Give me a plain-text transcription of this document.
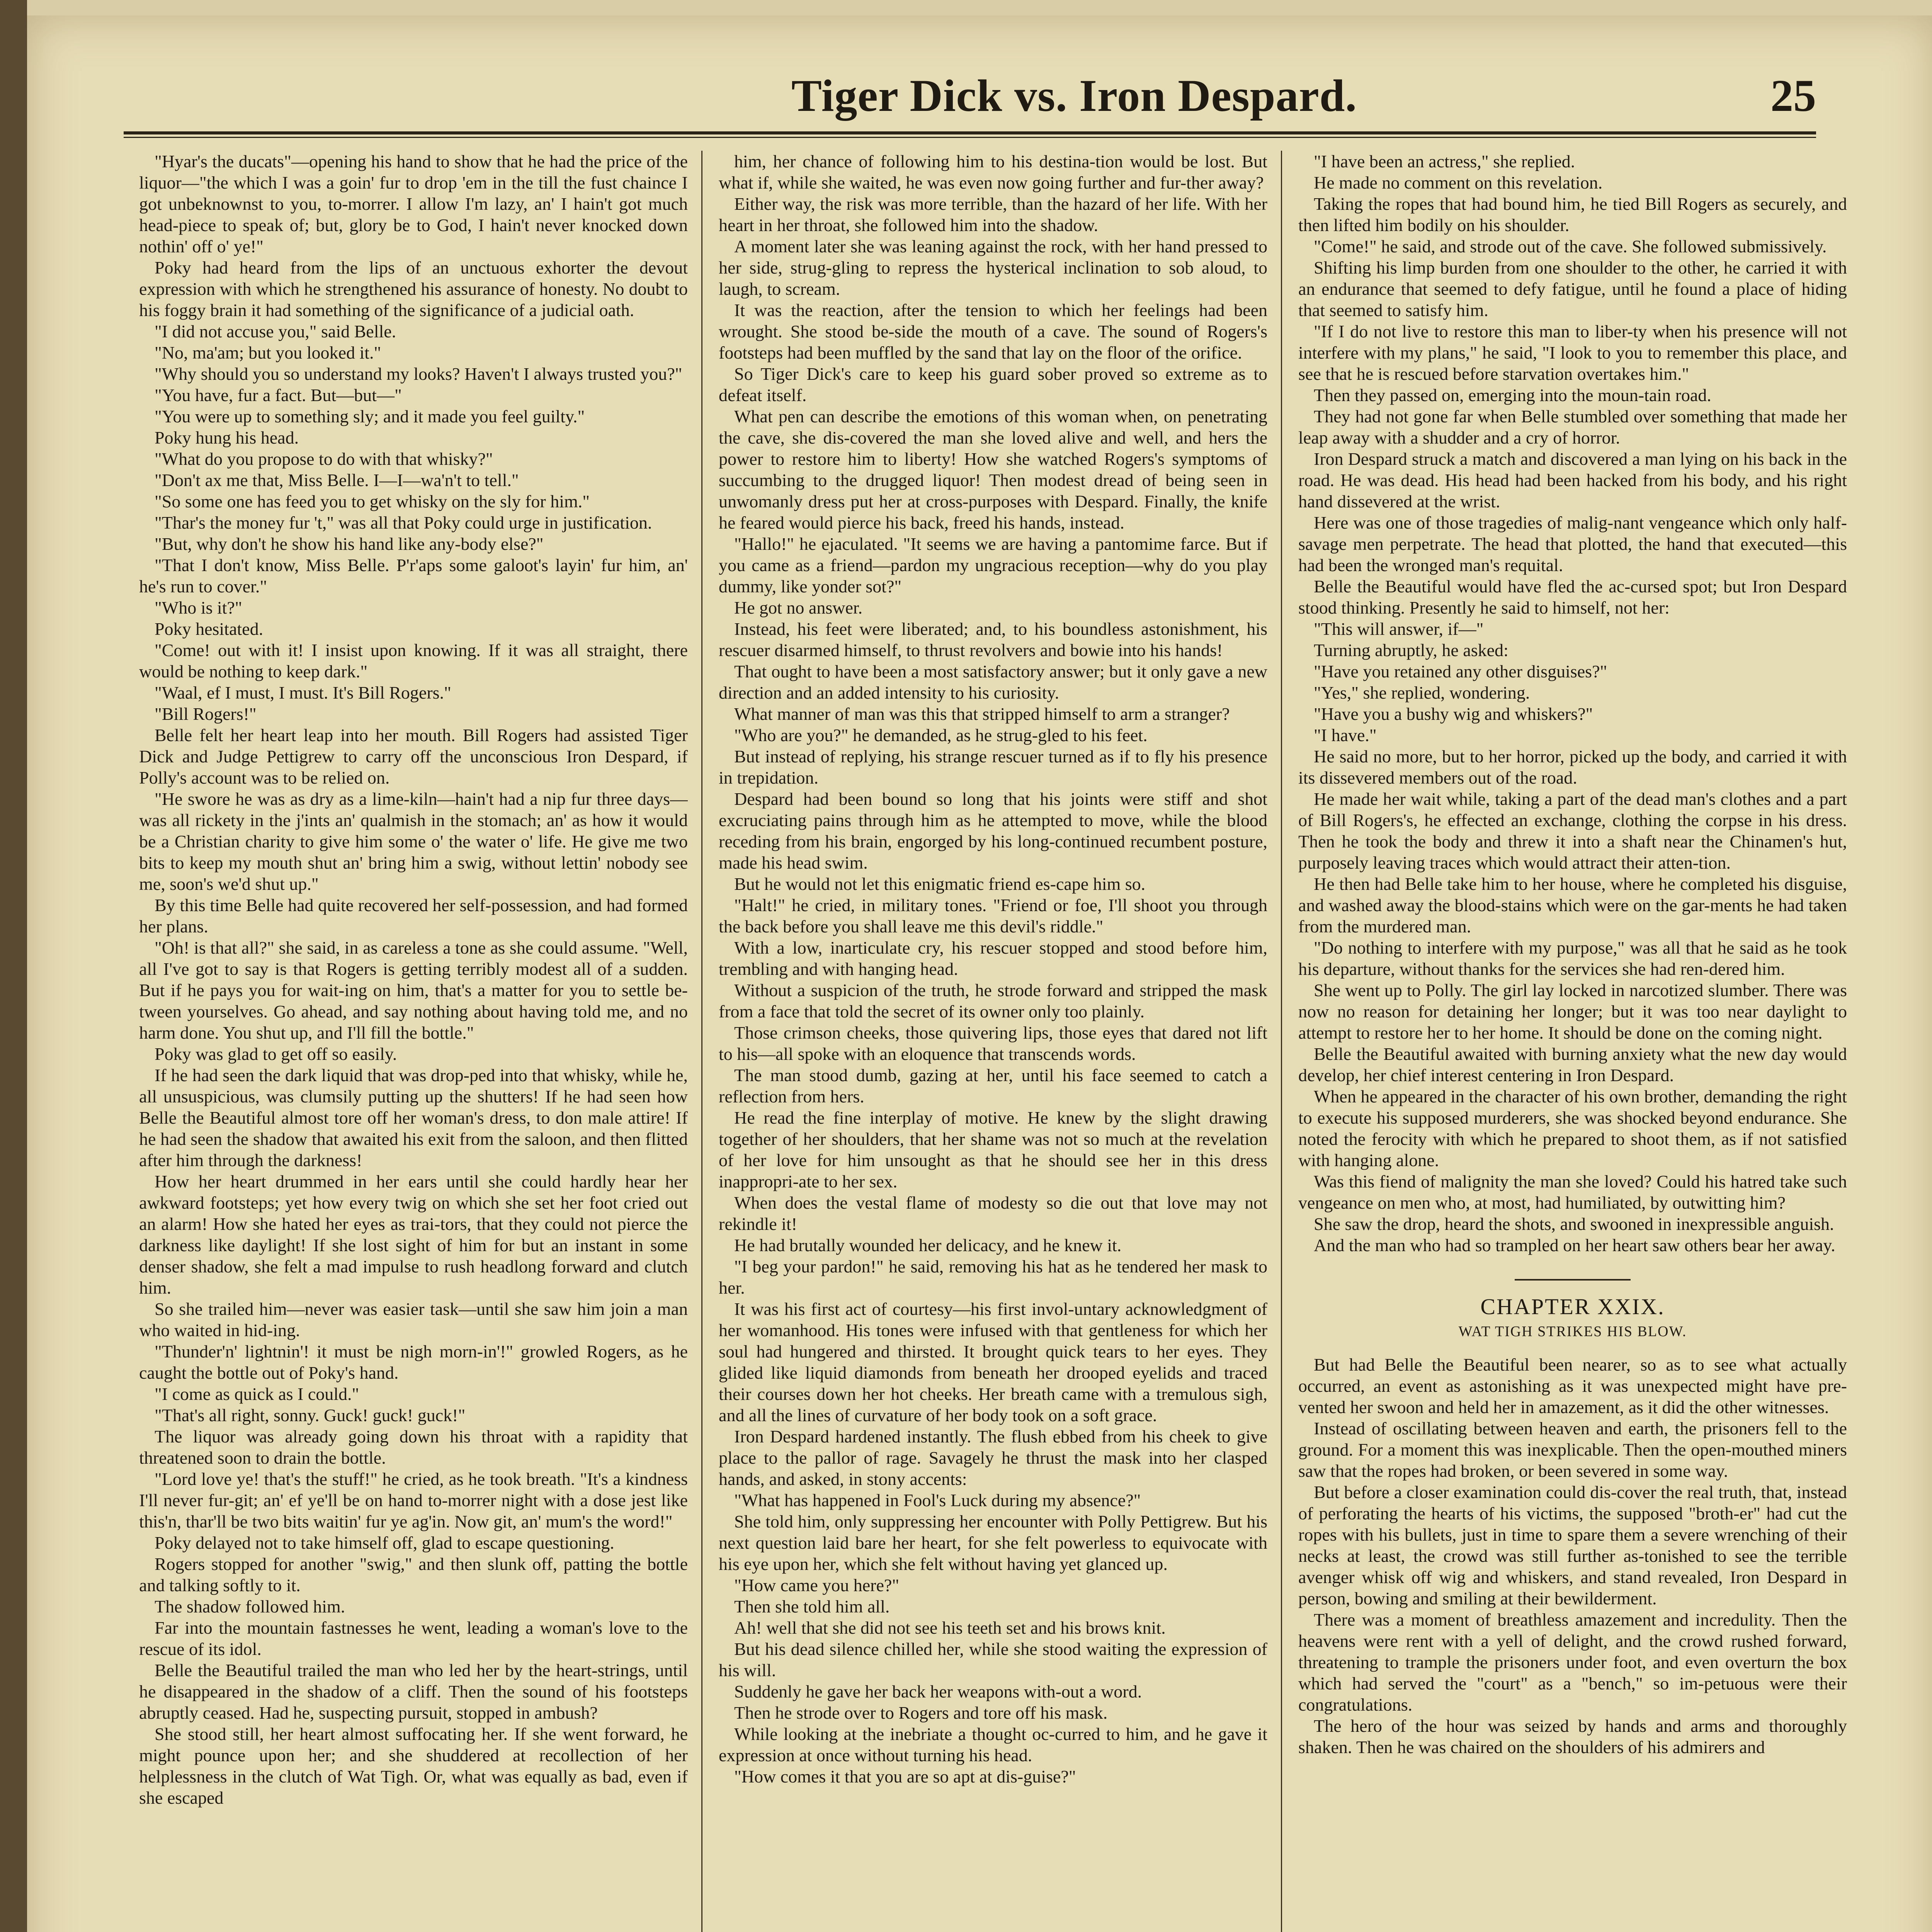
Tiger Dick vs. Iron Despard.	25

"Hyar's the ducats"—opening his hand to show that he had the price of the liquor—"the which I was a goin' fur to drop 'em in the till the fust chaince I got unbeknownst to you, to-morrer. I allow I'm lazy, an' I hain't got much head-piece to speak of; but, glory be to God, I hain't never knocked down nothin' off o' ye!"

Poky had heard from the lips of an unctuous exhorter the devout expression with which he strengthened his assurance of honesty. No doubt to his foggy brain it had something of the significance of a judicial oath.

"I did not accuse you," said Belle.

"No, ma'am; but you looked it."

"Why should you so understand my looks? Haven't I always trusted you?"

"You have, fur a fact. But—but—"

"You were up to something sly; and it made you feel guilty."

Poky hung his head.

"What do you propose to do with that whisky?"

"Don't ax me that, Miss Belle. I—I—wa'n't to tell."

"So some one has feed you to get whisky on the sly for him."

"Thar's the money fur 't," was all that Poky could urge in justification.

"But, why don't he show his hand like any-body else?"

"That I don't know, Miss Belle. P'r'aps some galoot's layin' fur him, an' he's run to cover."

"Who is it?"

Poky hesitated.

"Come! out with it! I insist upon knowing. If it was all straight, there would be nothing to keep dark."

"Waal, ef I must, I must. It's Bill Rogers."

"Bill Rogers!"

Belle felt her heart leap into her mouth. Bill Rogers had assisted Tiger Dick and Judge Pettigrew to carry off the unconscious Iron Despard, if Polly's account was to be relied on.

"He swore he was as dry as a lime-kiln—hain't had a nip fur three days—was all rickety in the j'ints an' qualmish in the stomach; an' as how it would be a Christian charity to give him some o' the water o' life. He give me two bits to keep my mouth shut an' bring him a swig, without lettin' nobody see me, soon's we'd shut up."

By this time Belle had quite recovered her self-possession, and had formed her plans.

"Oh! is that all?" she said, in as careless a tone as she could assume. "Well, all I've got to say is that Rogers is getting terribly modest all of a sudden. But if he pays you for wait-ing on him, that's a matter for you to settle be-tween yourselves. Go ahead, and say nothing about having told me, and no harm done. You shut up, and I'll fill the bottle."

Poky was glad to get off so easily.

If he had seen the dark liquid that was drop-ped into that whisky, while he, all unsuspicious, was clumsily putting up the shutters! If he had seen how Belle the Beautiful almost tore off her woman's dress, to don male attire! If he had seen the shadow that awaited his exit from the saloon, and then flitted after him through the darkness!

How her heart drummed in her ears until she could hardly hear her awkward footsteps; yet how every twig on which she set her foot cried out an alarm! How she hated her eyes as trai-tors, that they could not pierce the darkness like daylight! If she lost sight of him for but an instant in some denser shadow, she felt a mad impulse to rush headlong forward and clutch him.

So she trailed him—never was easier task—until she saw him join a man who waited in hid-ing.

"Thunder'n' lightnin'! it must be nigh morn-in'!" growled Rogers, as he caught the bottle out of Poky's hand.

"I come as quick as I could."

"That's all right, sonny. Guck! guck! guck!"

The liquor was already going down his throat with a rapidity that threatened soon to drain the bottle.

"Lord love ye! that's the stuff!" he cried, as he took breath. "It's a kindness I'll never fur-git; an' ef ye'll be on hand to-morrer night with a dose jest like this'n, thar'll be two bits waitin' fur ye ag'in. Now git, an' mum's the word!"

Poky delayed not to take himself off, glad to escape questioning.

Rogers stopped for another "swig," and then slunk off, patting the bottle and talking softly to it.

The shadow followed him.

Far into the mountain fastnesses he went, leading a woman's love to the rescue of its idol.

Belle the Beautiful trailed the man who led her by the heart-strings, until he disappeared in the shadow of a cliff. Then the sound of his footsteps abruptly ceased. Had he, suspecting pursuit, stopped in ambush?

She stood still, her heart almost suffocating her. If she went forward, he might pounce upon her; and she shuddered at recollection of her helplessness in the clutch of Wat Tigh. Or, what was equally as bad, even if she escaped

him, her chance of following him to his destina-tion would be lost. But what if, while she waited, he was even now going further and fur-ther away?

Either way, the risk was more terrible, than the hazard of her life. With her heart in her throat, she followed him into the shadow.

A moment later she was leaning against the rock, with her hand pressed to her side, strug-gling to repress the hysterical inclination to sob aloud, to laugh, to scream.

It was the reaction, after the tension to which her feelings had been wrought. She stood be-side the mouth of a cave. The sound of Rogers's footsteps had been muffled by the sand that lay on the floor of the orifice.

So Tiger Dick's care to keep his guard sober proved so extreme as to defeat itself.

What pen can describe the emotions of this woman when, on penetrating the cave, she dis-covered the man she loved alive and well, and hers the power to restore him to liberty! How she watched Rogers's symptoms of succumbing to the drugged liquor! Then modest dread of being seen in unwomanly dress put her at cross-purposes with Despard. Finally, the knife he feared would pierce his back, freed his hands, instead.

"Hallo!" he ejaculated. "It seems we are having a pantomime farce. But if you came as a friend—pardon my ungracious reception—why do you play dummy, like yonder sot?"

He got no answer.

Instead, his feet were liberated; and, to his boundless astonishment, his rescuer disarmed himself, to thrust revolvers and bowie into his hands!

That ought to have been a most satisfactory answer; but it only gave a new direction and an added intensity to his curiosity.

What manner of man was this that stripped himself to arm a stranger?

"Who are you?" he demanded, as he strug-gled to his feet.

But instead of replying, his strange rescuer turned as if to fly his presence in trepidation.

Despard had been bound so long that his joints were stiff and shot excruciating pains through him as he attempted to move, while the blood receding from his brain, engorged by his long-continued recumbent posture, made his head swim.

But he would not let this enigmatic friend es-cape him so.

"Halt!" he cried, in military tones. "Friend or foe, I'll shoot you through the back before you shall leave me this devil's riddle."

With a low, inarticulate cry, his rescuer stopped and stood before him, trembling and with hanging head.

Without a suspicion of the truth, he strode forward and stripped the mask from a face that told the secret of its owner only too plainly.

Those crimson cheeks, those quivering lips, those eyes that dared not lift to his—all spoke with an eloquence that transcends words.

The man stood dumb, gazing at her, until his face seemed to catch a reflection from hers.

He read the fine interplay of motive. He knew by the slight drawing together of her shoulders, that her shame was not so much at the revelation of her love for him unsought as that he should see her in this dress inappropri-ate to her sex.

When does the vestal flame of modesty so die out that love may not rekindle it!

He had brutally wounded her delicacy, and he knew it.

"I beg your pardon!" he said, removing his hat as he tendered her mask to her.

It was his first act of courtesy—his first invol-untary acknowledgment of her womanhood. His tones were infused with that gentleness for which her soul had hungered and thirsted. It brought quick tears to her eyes. They glided like liquid diamonds from beneath her drooped eyelids and traced their courses down her hot cheeks. Her breath came with a tremulous sigh, and all the lines of curvature of her body took on a soft grace.

Iron Despard hardened instantly. The flush ebbed from his cheek to give place to the pallor of rage. Savagely he thrust the mask into her clasped hands, and asked, in stony accents:

"What has happened in Fool's Luck during my absence?"

She told him, only suppressing her encounter with Polly Pettigrew. But his next question laid bare her heart, for she felt powerless to equivocate with his eye upon her, which she felt without having yet glanced up.

"How came you here?"

Then she told him all.

Ah! well that she did not see his teeth set and his brows knit.

But his dead silence chilled her, while she stood waiting the expression of his will.

Suddenly he gave her back her weapons with-out a word.

Then he strode over to Rogers and tore off his mask.

While looking at the inebriate a thought oc-curred to him, and he gave it expression at once without turning his head.

"How comes it that you are so apt at dis-guise?"

"I have been an actress," she replied.

He made no comment on this revelation.

Taking the ropes that had bound him, he tied Bill Rogers as securely, and then lifted him bodily on his shoulder.

"Come!" he said, and strode out of the cave. She followed submissively.

Shifting his limp burden from one shoulder to the other, he carried it with an endurance that seemed to defy fatigue, until he found a place of hiding that seemed to satisfy him.

"If I do not live to restore this man to liber-ty when his presence will not interfere with my plans," he said, "I look to you to remember this place, and see that he is rescued before starvation overtakes him."

Then they passed on, emerging into the moun-tain road.

They had not gone far when Belle stumbled over something that made her leap away with a shudder and a cry of horror.

Iron Despard struck a match and discovered a man lying on his back in the road. He was dead. His head had been hacked from his body, and his right hand dissevered at the wrist.

Here was one of those tragedies of malig-nant vengeance which only half-savage men perpetrate. The head that plotted, the hand that executed—this had been the wronged man's requital.

Belle the Beautiful would have fled the ac-cursed spot; but Iron Despard stood thinking. Presently he said to himself, not her:

"This will answer, if—"

Turning abruptly, he asked:

"Have you retained any other disguises?"

"Yes," she replied, wondering.

"Have you a bushy wig and whiskers?"

"I have."

He said no more, but to her horror, picked up the body, and carried it with its dissevered members out of the road.

He made her wait while, taking a part of the dead man's clothes and a part of Bill Rogers's, he effected an exchange, clothing the corpse in his dress. Then he took the body and threw it into a shaft near the Chinamen's hut, purposely leaving traces which would attract their atten-tion.

He then had Belle take him to her house, where he completed his disguise, and washed away the blood-stains which were on the gar-ments he had taken from the murdered man.

"Do nothing to interfere with my purpose," was all that he said as he took his departure, without thanks for the services she had ren-dered him.

She went up to Polly. The girl lay locked in narcotized slumber. There was now no reason for detaining her longer; but it was too near daylight to attempt to restore her to her home. It should be done on the coming night.

Belle the Beautiful awaited with burning anxiety what the new day would develop, her chief interest centering in Iron Despard.

When he appeared in the character of his own brother, demanding the right to execute his supposed murderers, she was shocked beyond endurance. She noted the ferocity with which he prepared to shoot them, as if not satisfied with hanging alone.

Was this fiend of malignity the man she loved? Could his hatred take such vengeance on men who, at most, had humiliated, by outwitting him?

She saw the drop, heard the shots, and swooned in inexpressible anguish.

And the man who had so trampled on her heart saw others bear her away.

CHAPTER XXIX.
WAT TIGH STRIKES HIS BLOW.

But had Belle the Beautiful been nearer, so as to see what actually occurred, an event as astonishing as it was unexpected might have pre-vented her swoon and held her in amazement, as it did the other witnesses.

Instead of oscillating between heaven and earth, the prisoners fell to the ground. For a moment this was inexplicable. Then the open-mouthed miners saw that the ropes had broken, or been severed in some way.

But before a closer examination could dis-cover the real truth, that, instead of perforating the hearts of his victims, the supposed "broth-er" had cut the ropes with his bullets, just in time to spare them a severe wrenching of their necks at least, the crowd was still further as-tonished to see the terrible avenger whisk off wig and whiskers, and stand revealed, Iron Despard in person, bowing and smiling at their bewilderment.

There was a moment of breathless amazement and incredulity. Then the heavens were rent with a yell of delight, and the crowd rushed forward, threatening to trample the prisoners under foot, and even overturn the box which had served the "court" as a "bench," so im-petuous were their congratulations.

The hero of the hour was seized by hands and arms and thoroughly shaken. Then he was chaired on the shoulders of his admirers and
